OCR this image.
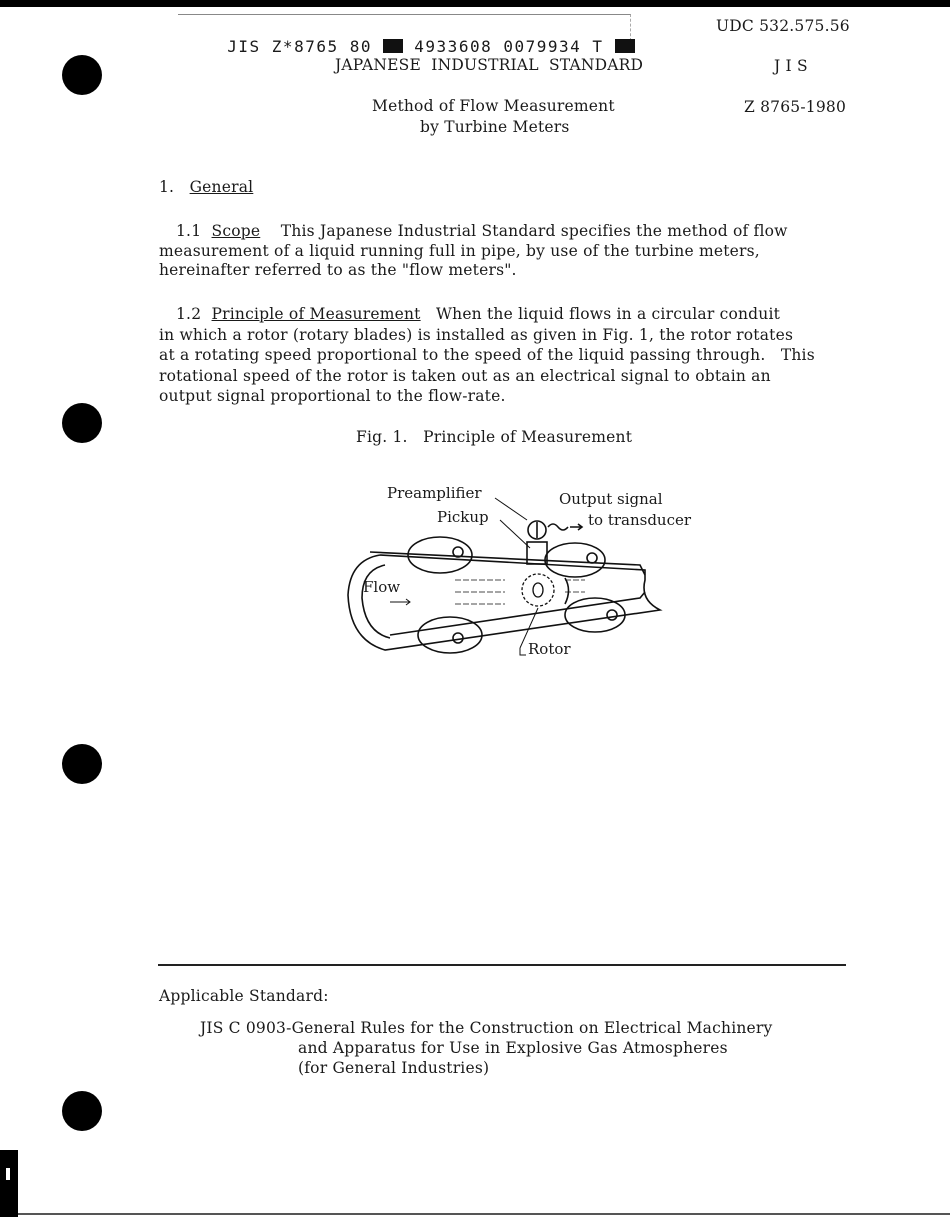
JIS Z*8765 80	4933608 0079934 T

UDC 532.575.56
JAPANESE  INDUSTRIAL  STANDARD	J I S
Method of Flow Measurement
by Turbine Meters
Z 8765-1980
1. General
1.1 Scope This Japanese Industrial Standard specifies the method of flow
measurement of a liquid running full in pipe, by use of the turbine meters,
hereinafter referred to as the "flow meters".
1.2 Principle of Measurement When the liquid flows in a circular conduit
in which a rotor (rotary blades) is installed as given in Fig. 1, the rotor rotates
at a rotating speed proportional to the speed of the liquid passing through.   This
rotational speed of the rotor is taken out as an electrical signal to obtain an
output signal proportional to the flow-rate.
Fig. 1. Principle of Measurement
Preamplifier
Pickup
Output signal
to transducer
Flow
Rotor
Applicable Standard:
JIS C 0903-General Rules for the Construction on Electrical Machinery
and Apparatus for Use in Explosive Gas Atmospheres
(for General Industries)
